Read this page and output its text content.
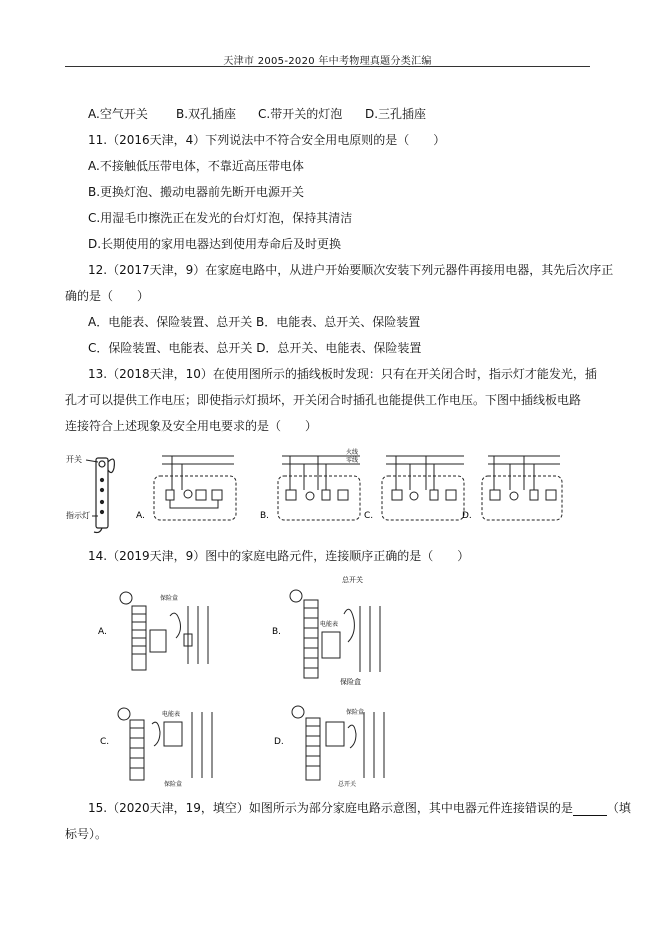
天津市 2005-2020 年中考物理真题分类汇编
A.空气开关 B.双孔插座 C.带开关的灯泡 D.三孔插座
11.（2016天津，4）下列说法中不符合安全用电原则的是（　　）
A.不接触低压带电体，不靠近高压带电体
B.更换灯泡、搬动电器前先断开电源开关
C.用湿毛巾擦洗正在发光的台灯灯泡，保持其清洁
D.长期使用的家用电器达到使用寿命后及时更换
12.（2017天津，9）在家庭电路中，从进户开始要顺次安装下列元器件再接用电器，其先后次序正
确的是（　　）
A．电能表、保险装置、总开关 B．电能表、总开关、保险装置
C．保险装置、电能表、总开关 D．总开关、电能表、保险装置
13.（2018天津，10）在使用图所示的插线板时发现：只有在开关闭合时，指示灯才能发光，插
孔才可以提供工作电压；即使指示灯损坏，开关闭合时插孔也能提供工作电压。下图中插线板电路
连接符合上述现象及安全用电要求的是（　　）
开关
指示灯	A.
火线
零线
B.	C.	D.
14.（2019天津，9）图中的家庭电路元件，连接顺序正确的是（　　）
A.
保险盒
B.
总开关
电能表
保险盒
C.
电能表
保险盒
D.
保险盒
总开关
15.（2020天津，19，填空）如图所示为部分家庭电路示意图，其中电器元件连接错误的是	（填
标号）。
